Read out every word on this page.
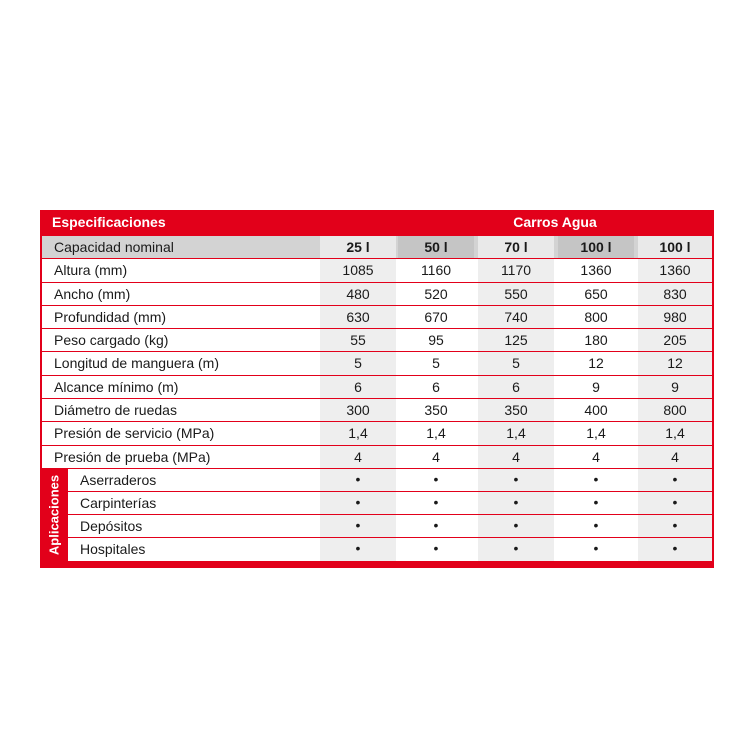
Especificaciones	Carros Agua
Capacidad nominal	25 l	50 l	70 l	100 l	100 l
Altura (mm)	1085	1160	1170	1360	1360
Ancho (mm)	480	520	550	650	830
Profundidad (mm)	630	670	740	800	980
Peso cargado (kg)	55	95	125	180	205
Longitud de manguera (m)	5	5	5	12	12
Alcance mínimo (m)	6	6	6	9	9
Diámetro de ruedas	300	350	350	400	800
Presión de servicio (MPa)	1,4	1,4	1,4	1,4	1,4
Presión de prueba (MPa)	4	4	4	4	4
Aplicaciones Aserraderos	•	•	•	•	•
Carpinterías	•	•	•	•	•
Depósitos	•	•	•	•	•
Hospitales	•	•	•	•	•
